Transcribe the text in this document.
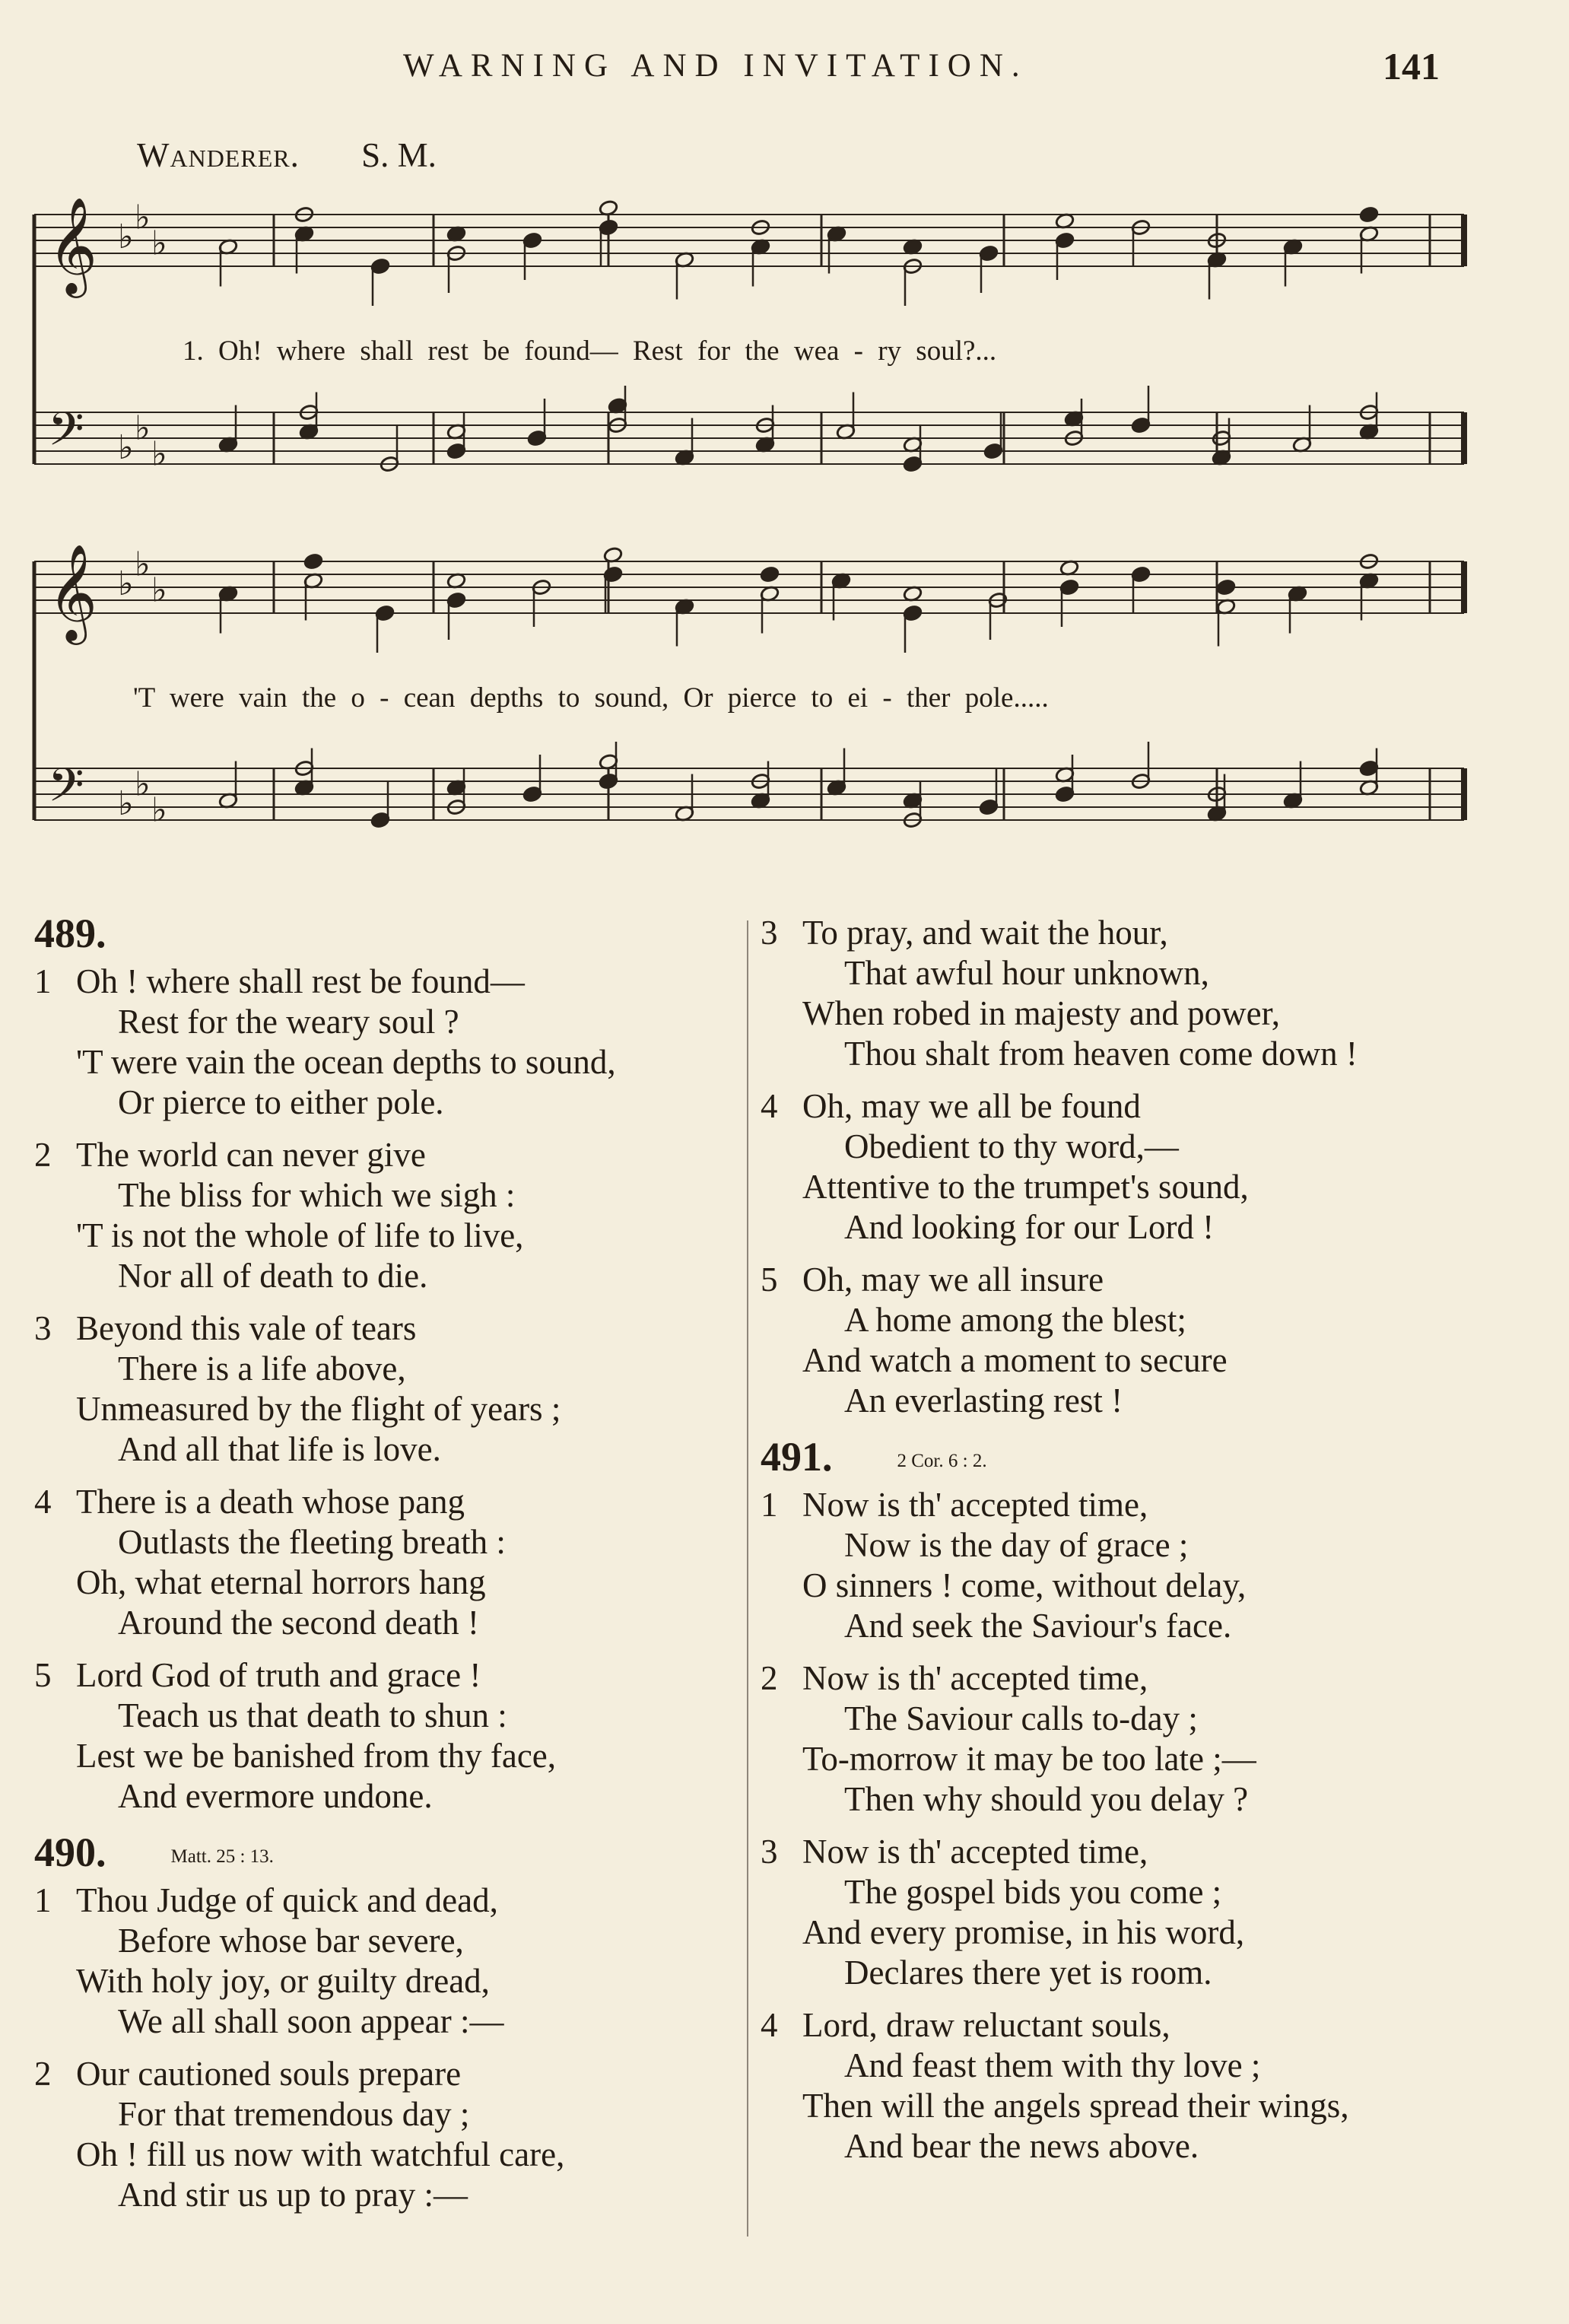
WARNING AND INVITATION.	141
Wanderer. S. M.
𝄞 ♭ ♭
♭
𝄢 ♭ ♭
♭
𝄞 ♭ ♭
♭
𝄢 ♭ ♭
♭
1. Oh! where shall rest be found— Rest for the wea - ry soul?...
'T were vain the o - cean depths to sound, Or pierce to ei - ther pole.....
489.
1 Oh ! where shall rest be found—
Rest for the weary soul ?
'T were vain the ocean depths to sound,
Or pierce to either pole.
2 The world can never give
The bliss for which we sigh :
'T is not the whole of life to live,
Nor all of death to die.
3 Beyond this vale of tears
There is a life above,
Unmeasured by the flight of years ;
And all that life is love.
4 There is a death whose pang
Outlasts the fleeting breath :
Oh, what eternal horrors hang
Around the second death !
5 Lord God of truth and grace !
Teach us that death to shun :
Lest we be banished from thy face,
And evermore undone.
490.	Matt. 25 : 13.
1 Thou Judge of quick and dead,
Before whose bar severe,
With holy joy, or guilty dread,
We all shall soon appear :—
2 Our cautioned souls prepare
For that tremendous day ;
Oh ! fill us now with watchful care,
And stir us up to pray :—
3 To pray, and wait the hour,
That awful hour unknown,
When robed in majesty and power,
Thou shalt from heaven come down !
4 Oh, may we all be found
Obedient to thy word,—
Attentive to the trumpet's sound,
And looking for our Lord !
5 Oh, may we all insure
A home among the blest;
And watch a moment to secure
An everlasting rest !
491.	2 Cor. 6 : 2.
1 Now is th' accepted time,
Now is the day of grace ;
O sinners ! come, without delay,
And seek the Saviour's face.
2 Now is th' accepted time,
The Saviour calls to-day ;
To-morrow it may be too late ;—
Then why should you delay ?
3 Now is th' accepted time,
The gospel bids you come ;
And every promise, in his word,
Declares there yet is room.
4 Lord, draw reluctant souls,
And feast them with thy love ;
Then will the angels spread their wings,
And bear the news above.
